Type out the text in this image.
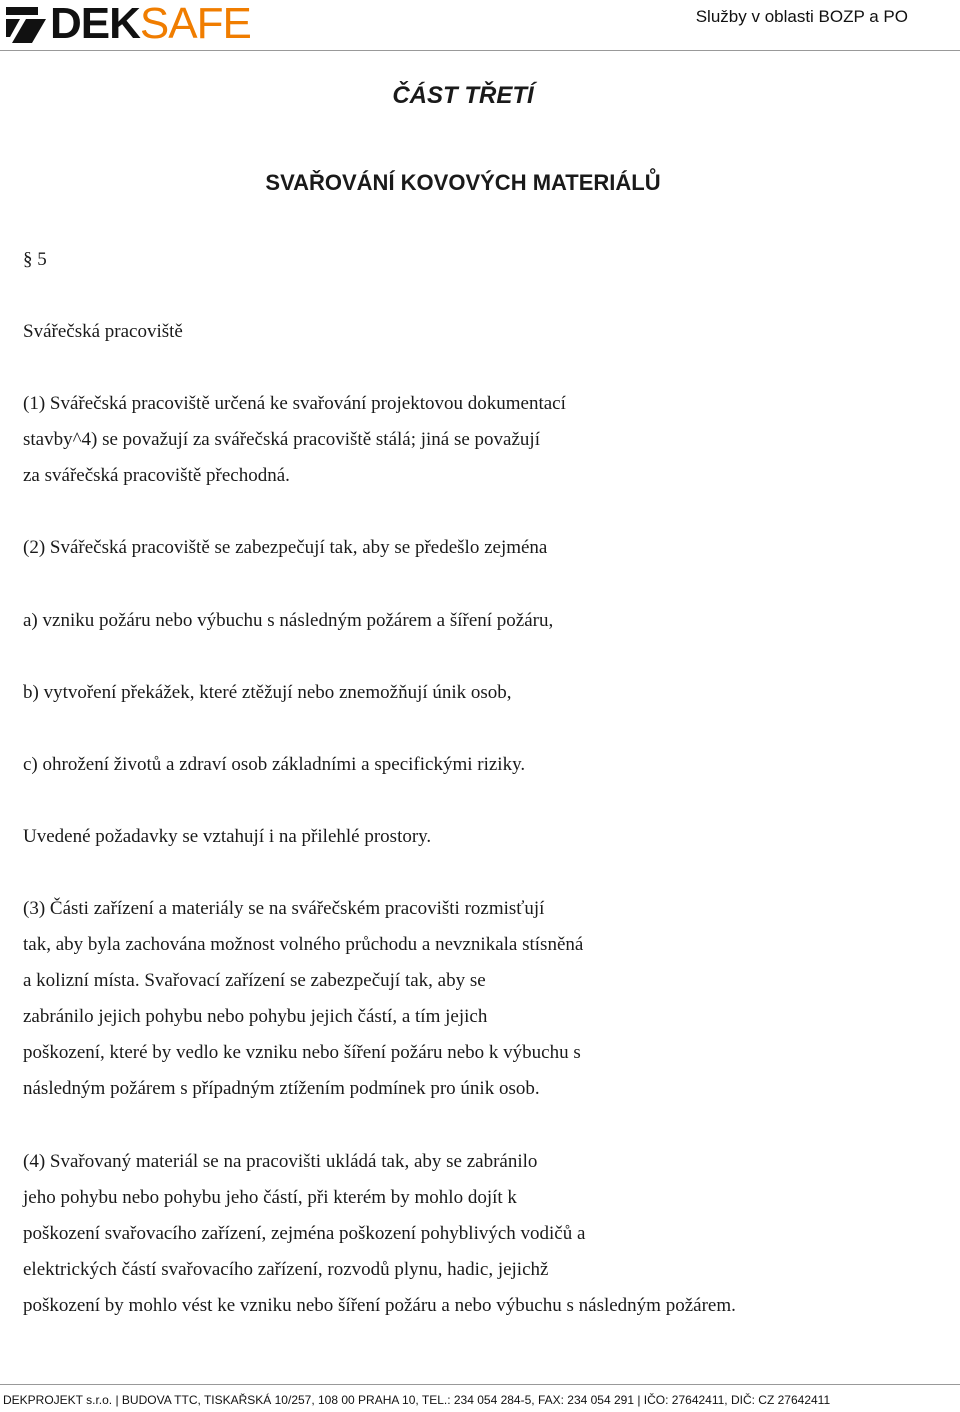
DEKSAFE	Služby v oblasti BOZP a PO
ČÁST TŘETÍ
SVAŘOVÁNÍ KOVOVÝCH MATERIÁLŮ
§ 5
Svářečská pracoviště
(1) Svářečská pracoviště určená ke svařování projektovou dokumentací
stavby^4) se považují za svářečská pracoviště stálá; jiná se považují
za svářečská pracoviště přechodná.
(2) Svářečská pracoviště se zabezpečují tak, aby se předešlo zejména
a) vzniku požáru nebo výbuchu s následným požárem a šíření požáru,
b) vytvoření překážek, které ztěžují nebo znemožňují únik osob,
c) ohrožení životů a zdraví osob základními a specifickými riziky.
Uvedené požadavky se vztahují i na přilehlé prostory.
(3) Části zařízení a materiály se na svářečském pracovišti rozmisťují
tak, aby byla zachována možnost volného průchodu a nevznikala stísněná
a kolizní místa. Svařovací zařízení se zabezpečují tak, aby se
zabránilo jejich pohybu nebo pohybu jejich částí, a tím jejich
poškození, které by vedlo ke vzniku nebo šíření požáru nebo k výbuchu s
následným požárem s případným ztížením podmínek pro únik osob.
(4) Svařovaný materiál se na pracovišti ukládá tak, aby se zabránilo
jeho pohybu nebo pohybu jeho částí, při kterém by mohlo dojít k
poškození svařovacího zařízení, zejména poškození pohyblivých vodičů a
elektrických částí svařovacího zařízení, rozvodů plynu, hadic, jejichž
poškození by mohlo vést ke vzniku nebo šíření požáru a nebo výbuchu s následným požárem.
DEKPROJEKT s.r.o. | BUDOVA TTC, TISKAŘSKÁ 10/257, 108 00 PRAHA 10, TEL.: 234 054 284-5, FAX: 234 054 291 | IČO: 27642411, DIČ: CZ 27642411
